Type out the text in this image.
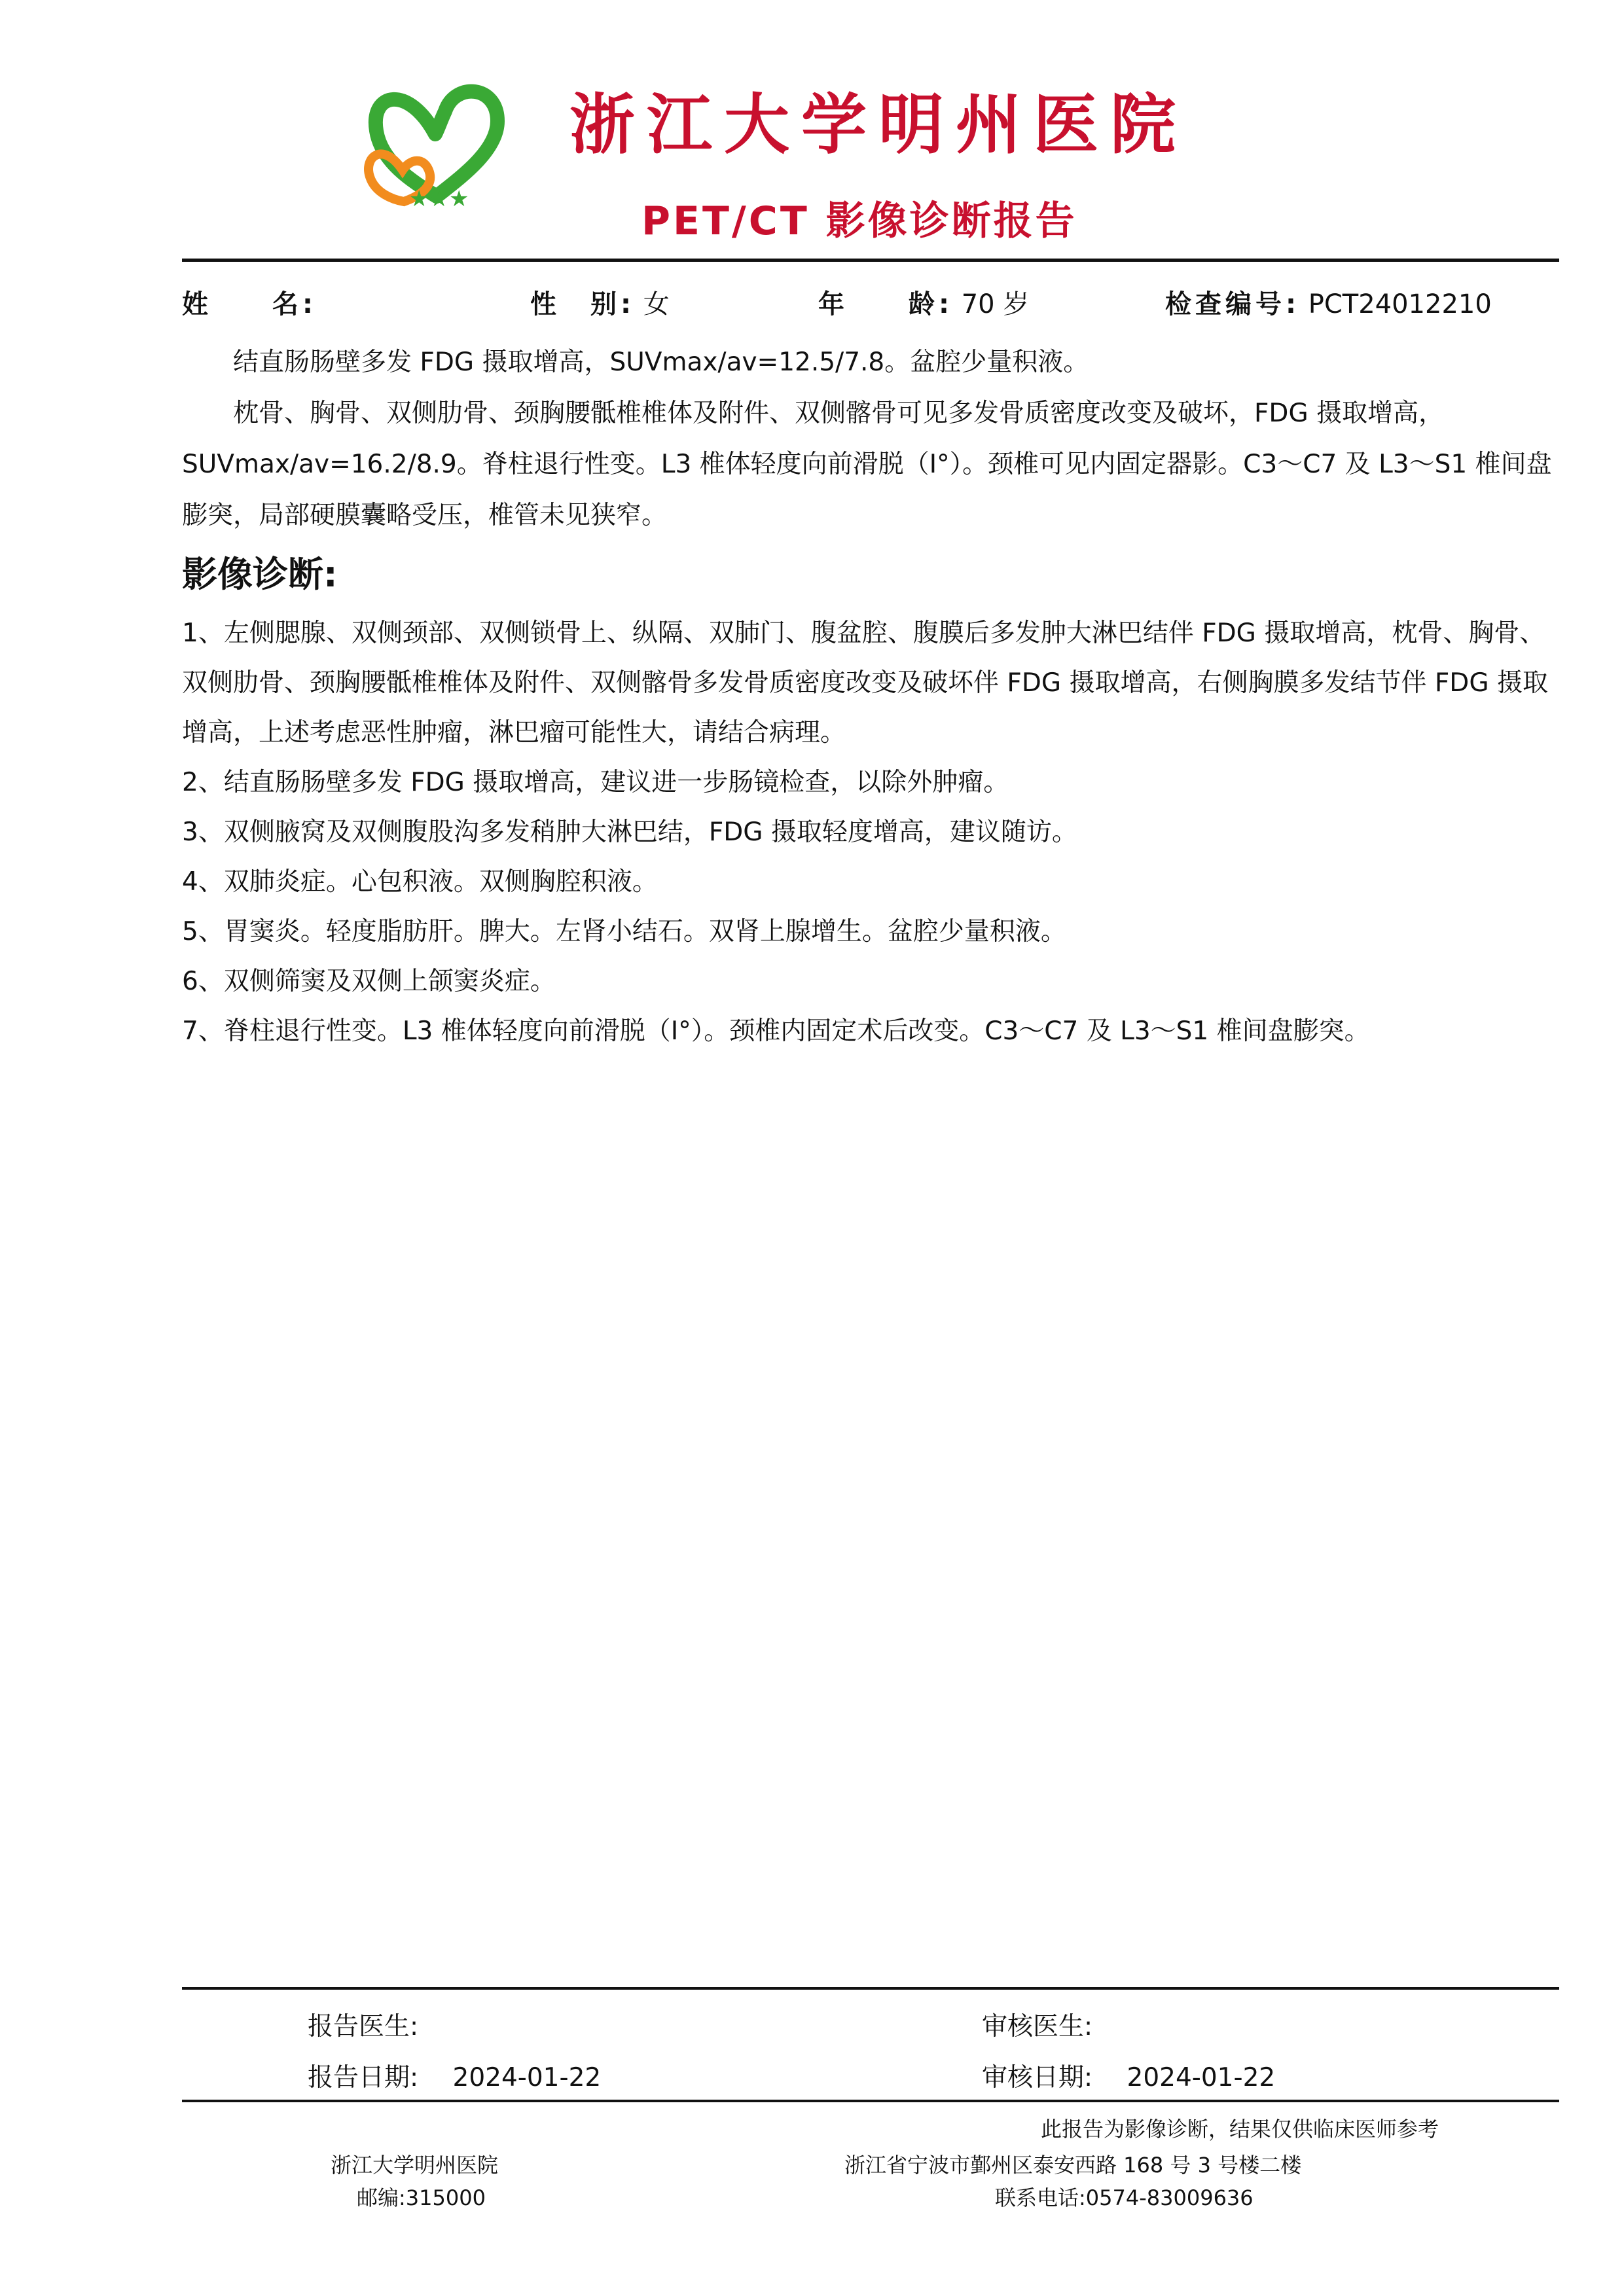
★★★
浙江大学明州医院
PET/CT 影像诊断报告
姓　　名:	性　别: 女	年　　龄: 70 岁	检查编号: PCT24012210

　　结直肠肠壁多发 FDG 摄取增高，SUVmax/av=12.5/7.8。盆腔少量积液。

　　枕骨、胸骨、双侧肋骨、颈胸腰骶椎椎体及附件、双侧髂骨可见多发骨质密度改变及破坏，FDG 摄取增高，SUVmax/av=16.2/8.9。脊柱退行性变。L3 椎体轻度向前滑脱（Ⅰ°）。颈椎可见内固定器影。C3～C7 及 L3～S1 椎间盘膨突，局部硬膜囊略受压，椎管未见狭窄。

影像诊断:
1、左侧腮腺、双侧颈部、双侧锁骨上、纵隔、双肺门、腹盆腔、腹膜后多发肿大淋巴结伴 FDG 摄取增高，枕骨、胸骨、双侧肋骨、颈胸腰骶椎椎体及附件、双侧髂骨多发骨质密度改变及破坏伴 FDG 摄取增高，右侧胸膜多发结节伴 FDG 摄取增高，上述考虑恶性肿瘤，淋巴瘤可能性大，请结合病理。
2、结直肠肠壁多发 FDG 摄取增高，建议进一步肠镜检查，以除外肿瘤。
3、双侧腋窝及双侧腹股沟多发稍肿大淋巴结，FDG 摄取轻度增高，建议随访。
4、双肺炎症。心包积液。双侧胸腔积液。
5、胃窦炎。轻度脂肪肝。脾大。左肾小结石。双肾上腺增生。盆腔少量积液。
6、双侧筛窦及双侧上颌窦炎症。
7、脊柱退行性变。L3 椎体轻度向前滑脱（Ⅰ°）。颈椎内固定术后改变。C3～C7 及 L3～S1 椎间盘膨突。
报告医生:	审核医生:
报告日期: 2024-01-22	审核日期: 2024-01-22
此报告为影像诊断，结果仅供临床医师参考
浙江大学明州医院	浙江省宁波市鄞州区泰安西路 168 号 3 号楼二楼
邮编:315000	联系电话:0574-83009636
